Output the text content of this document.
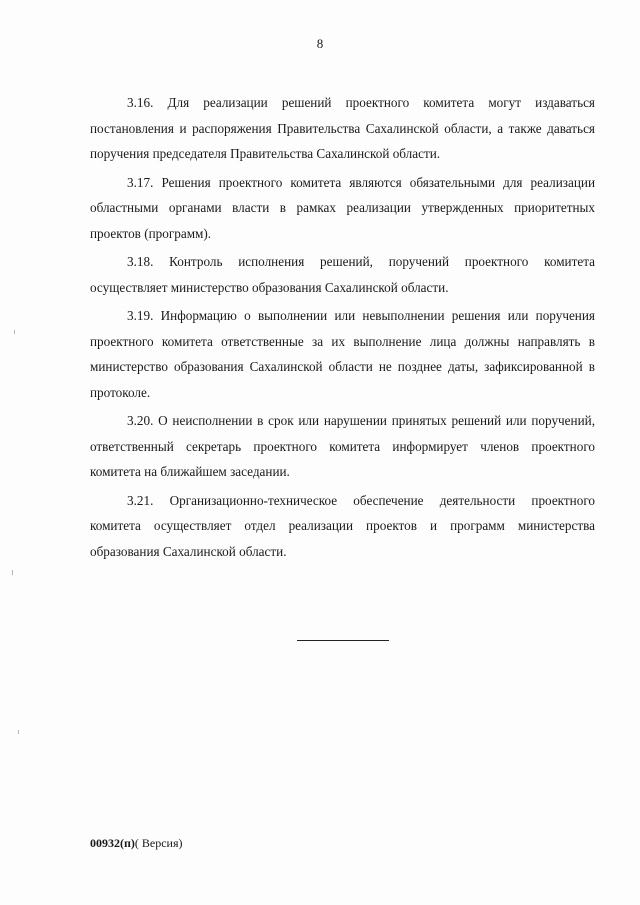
8

3.16. Для реализации решений проектного комитета могут издаваться постановления и распоряжения Правительства Сахалинской области, а также даваться поручения председателя Правительства Сахалинской области.

3.17. Решения проектного комитета являются обязательными для реализации областными органами власти в рамках реализации утвержденных приоритетных проектов (программ).

3.18. Контроль исполнения решений, поручений проектного комитета осуществляет министерство образования Сахалинской области.

3.19. Информацию о выполнении или невыполнении решения или поручения проектного комитета ответственные за их выполнение лица должны направлять в министерство образования Сахалинской области не позднее даты, зафиксированной в протоколе.

3.20. О неисполнении в срок или нарушении принятых решений или поручений, ответственный секретарь проектного комитета информирует членов проектного комитета на ближайшем заседании.

3.21. Организационно-техническое обеспечение деятельности проектного комитета осуществляет отдел реализации проектов и программ министерства образования Сахалинской области.

00932(п)( Версия)
